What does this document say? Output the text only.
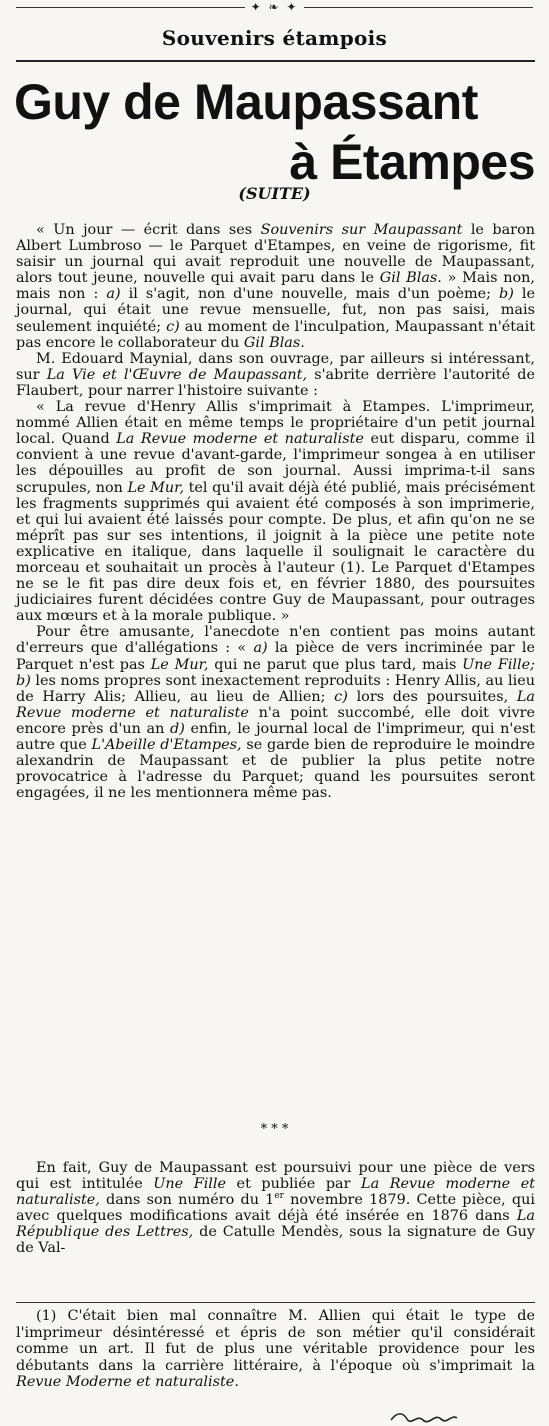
✦ ❧ ✦
Souvenirs étampois
Guy de Maupassant
à Étampes
(SUITE)

« Un jour — écrit dans ses Souvenirs sur Maupassant le baron Albert Lumbroso — le Parquet d'Etampes, en veine de rigorisme, fit saisir un journal qui avait reproduit une nouvelle de Maupassant, alors tout jeune, nouvelle qui avait paru dans le Gil Blas. » Mais non, mais non : a) il s'agit, non d'une nouvelle, mais d'un poème; b) le journal, qui était une revue mensuelle, fut, non pas saisi, mais seulement inquiété; c) au moment de l'inculpation, Maupassant n'était pas encore le collaborateur du Gil Blas.

M. Edouard Maynial, dans son ouvrage, par ailleurs si intéressant, sur La Vie et l'Œuvre de Maupassant, s'abrite derrière l'autorité de Flaubert, pour narrer l'histoire suivante :

« La revue d'Henry Allis s'imprimait à Etampes. L'imprimeur, nommé Allien était en même temps le propriétaire d'un petit journal local. Quand La Revue moderne et naturaliste eut disparu, comme il convient à une revue d'avant-garde, l'imprimeur songea à en utiliser les dépouilles au profit de son journal. Aussi imprima-t-il sans scrupules, non Le Mur, tel qu'il avait déjà été publié, mais précisément les fragments supprimés qui avaient été composés à son imprimerie, et qui lui avaient été laissés pour compte. De plus, et afin qu'on ne se méprît pas sur ses intentions, il joignit à la pièce une petite note explicative en italique, dans laquelle il soulignait le caractère du morceau et souhaitait un procès à l'auteur (1). Le Parquet d'Etampes ne se le fit pas dire deux fois et, en février 1880, des poursuites judiciaires furent décidées contre Guy de Maupassant, pour outrages aux mœurs et à la morale publique. »

Pour être amusante, l'anecdote n'en contient pas moins autant d'erreurs que d'allégations : « a) la pièce de vers incriminée par le Parquet n'est pas Le Mur, qui ne parut que plus tard, mais Une Fille; b) les noms propres sont inexactement reproduits : Henry Allis, au lieu de Harry Alis; Allieu, au lieu de Allien; c) lors des poursuites, La Revue moderne et naturaliste n'a point succombé, elle doit vivre encore près d'un an d) enfin, le journal local de l'imprimeur, qui n'est autre que L'Abeille d'Etampes, se garde bien de reproduire le moindre alexandrin de Maupassant et de publier la plus petite notre provocatrice à l'adresse du Parquet; quand les poursuites seront engagées, il ne les mentionnera même pas.

* * *

En fait, Guy de Maupassant est poursuivi pour une pièce de vers qui est intitulée Une Fille et publiée par La Revue moderne et naturaliste, dans son numéro du 1er novembre 1879. Cette pièce, qui avec quelques modifications avait déjà été insérée en 1876 dans La République des Lettres, de Catulle Mendès, sous la signature de Guy de Val-

(1) C'était bien mal connaître M. Allien qui était le type de l'imprimeur désintéressé et épris de son métier qu'il considérait comme un art. Il fut de plus une véritable providence pour les débutants dans la carrière littéraire, à l'époque où s'imprimait la Revue Moderne et naturaliste.
